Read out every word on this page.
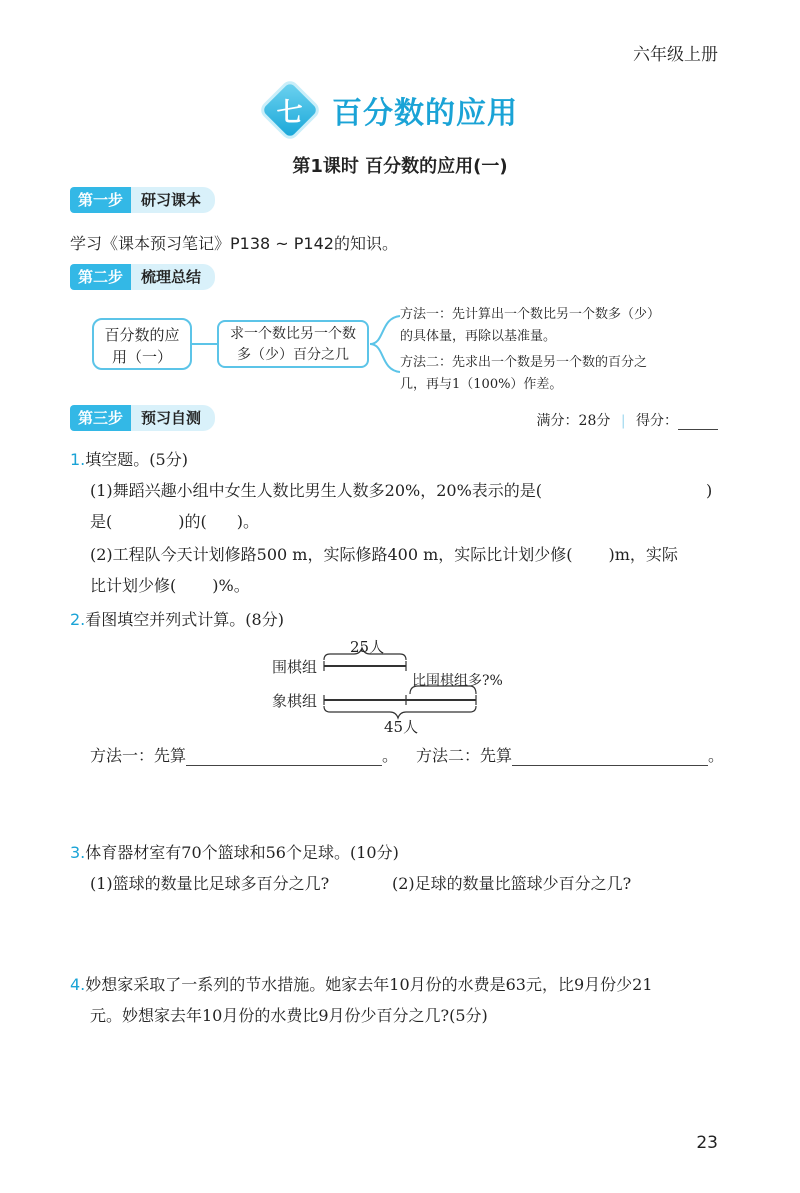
六年级上册
七 百分数的应用
第1课时 百分数的应用(一)
第一步	研习课本
学习《课本预习笔记》P138 ~ P142的知识。
第二步	梳理总结
百分数的应
用（一）
求一个数比另一个数
多（少）百分之几
方法一：先计算出一个数比另一个数多（少）
的具体量，再除以基准量。
方法二：先求出一个数是另一个数的百分之
几，再与1（100%）作差。
第三步	预习自测	满分：28分 | 得分：
1.填空题。(5分)
(1)舞蹈兴趣小组中女生人数比男生人数多20%，20%表示的是(	)
是(	)的( )。
(2)工程队今天计划修路500 m，实际修路400 m，实际比计划少修( )m，实际
比计划少修( )%。
2.看图填空并列式计算。(8分)
25人
围棋组
比围棋组多?%
象棋组
45人
方法一：先算	。 方法二：先算	。
3.体育器材室有70个篮球和56个足球。(10分)
(1)篮球的数量比足球多百分之几?	(2)足球的数量比篮球少百分之几?
4.妙想家采取了一系列的节水措施。她家去年10月份的水费是63元，比9月份少21
元。妙想家去年10月份的水费比9月份少百分之几?(5分)
23
